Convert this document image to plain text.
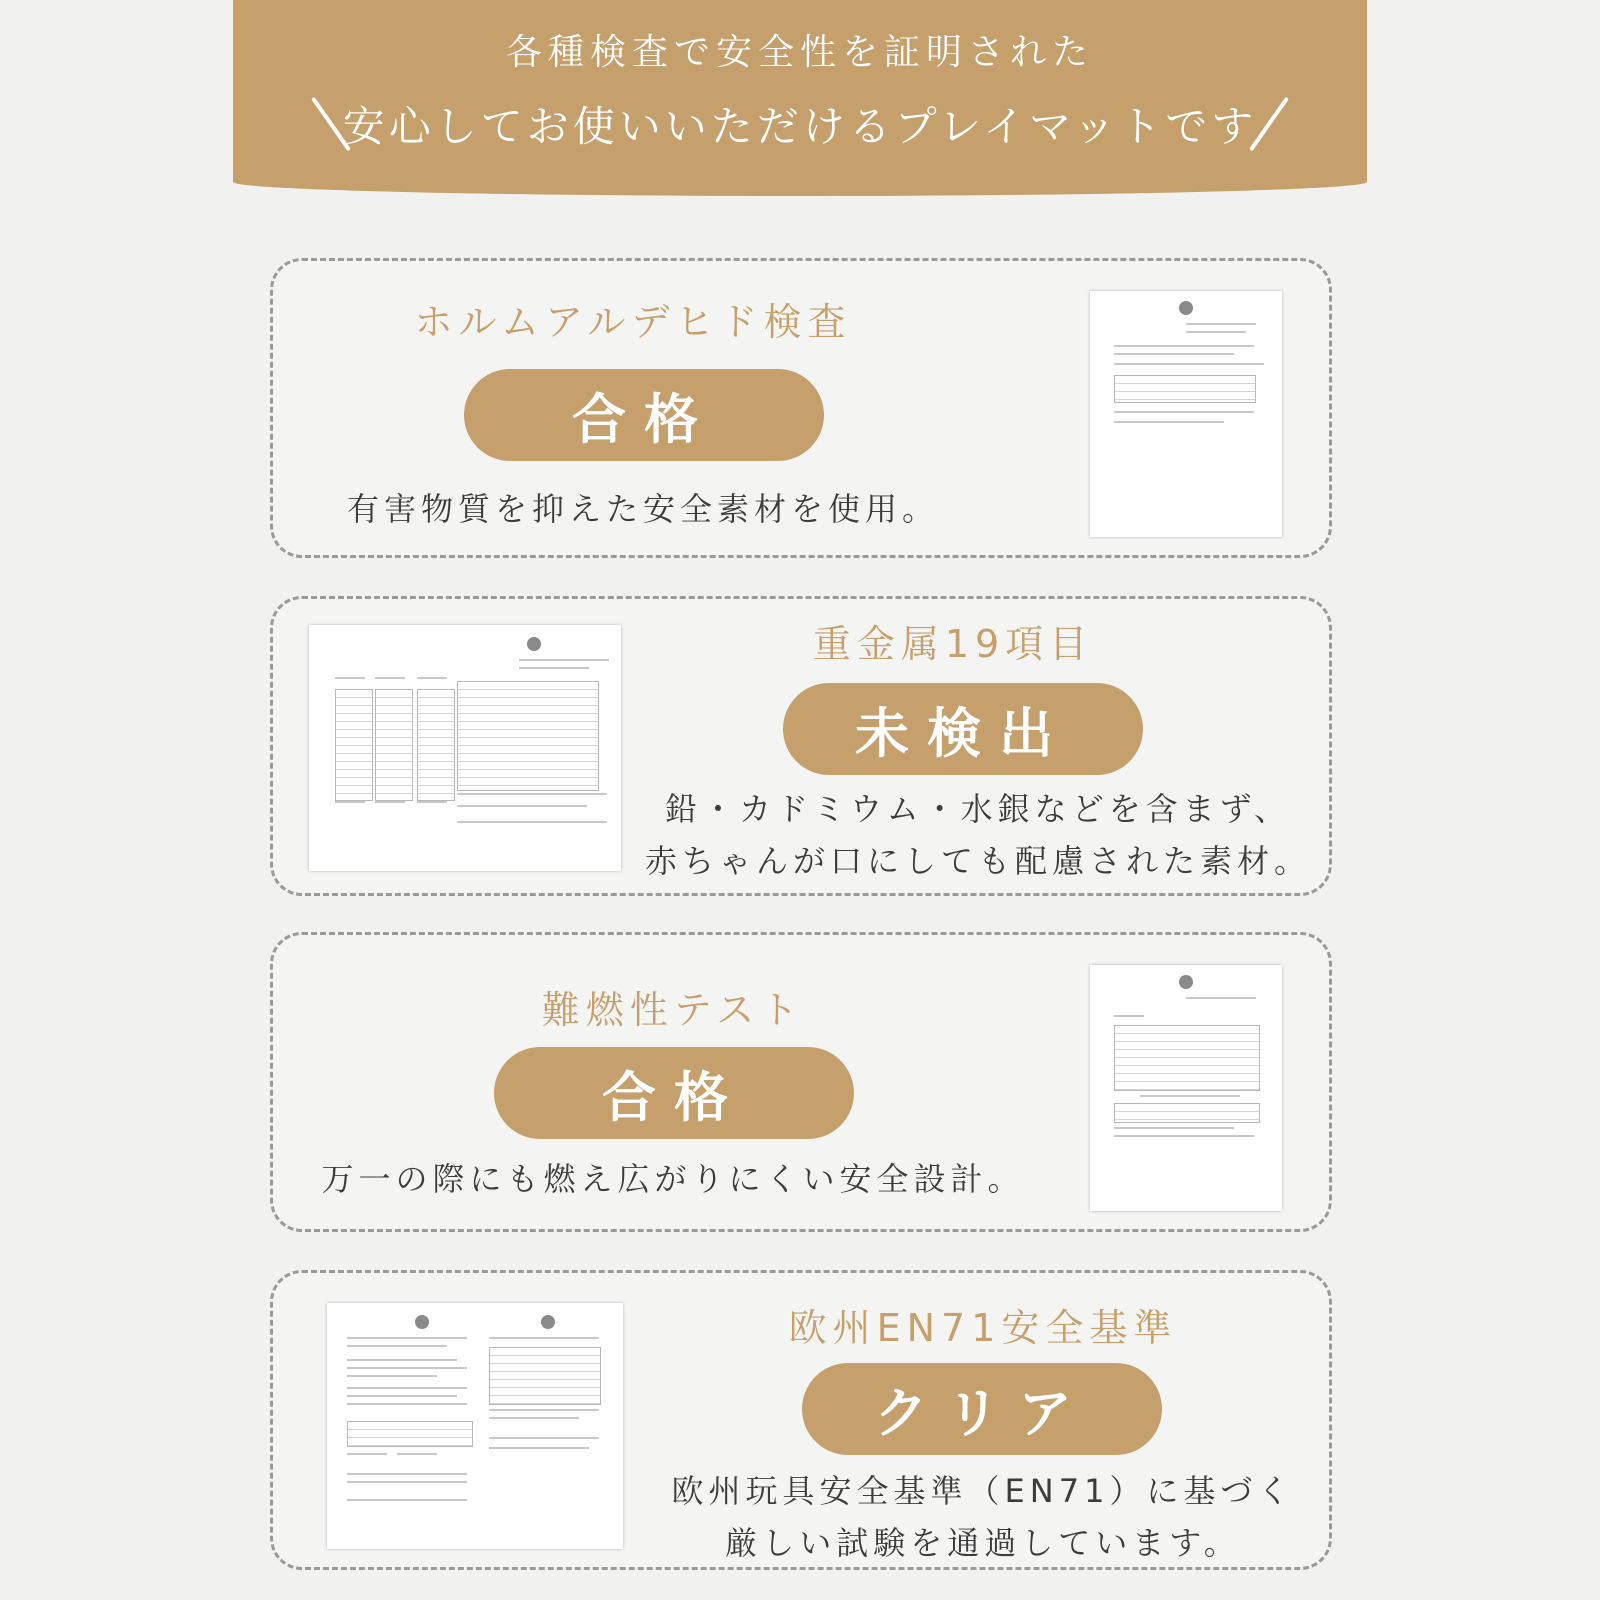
各種検査で安全性を証明された
安心してお使いいただけるプレイマットです
ホルムアルデヒド検査
合格
有害物質を抑えた安全素材を使用。
重金属19項目
未検出
鉛・カドミウム・水銀などを含まず、
赤ちゃんが口にしても配慮された素材。
難燃性テスト
合格
万一の際にも燃え広がりにくい安全設計。
欧州EN71安全基準
クリア
欧州玩具安全基準（EN71）に基づく
厳しい試験を通過しています。
